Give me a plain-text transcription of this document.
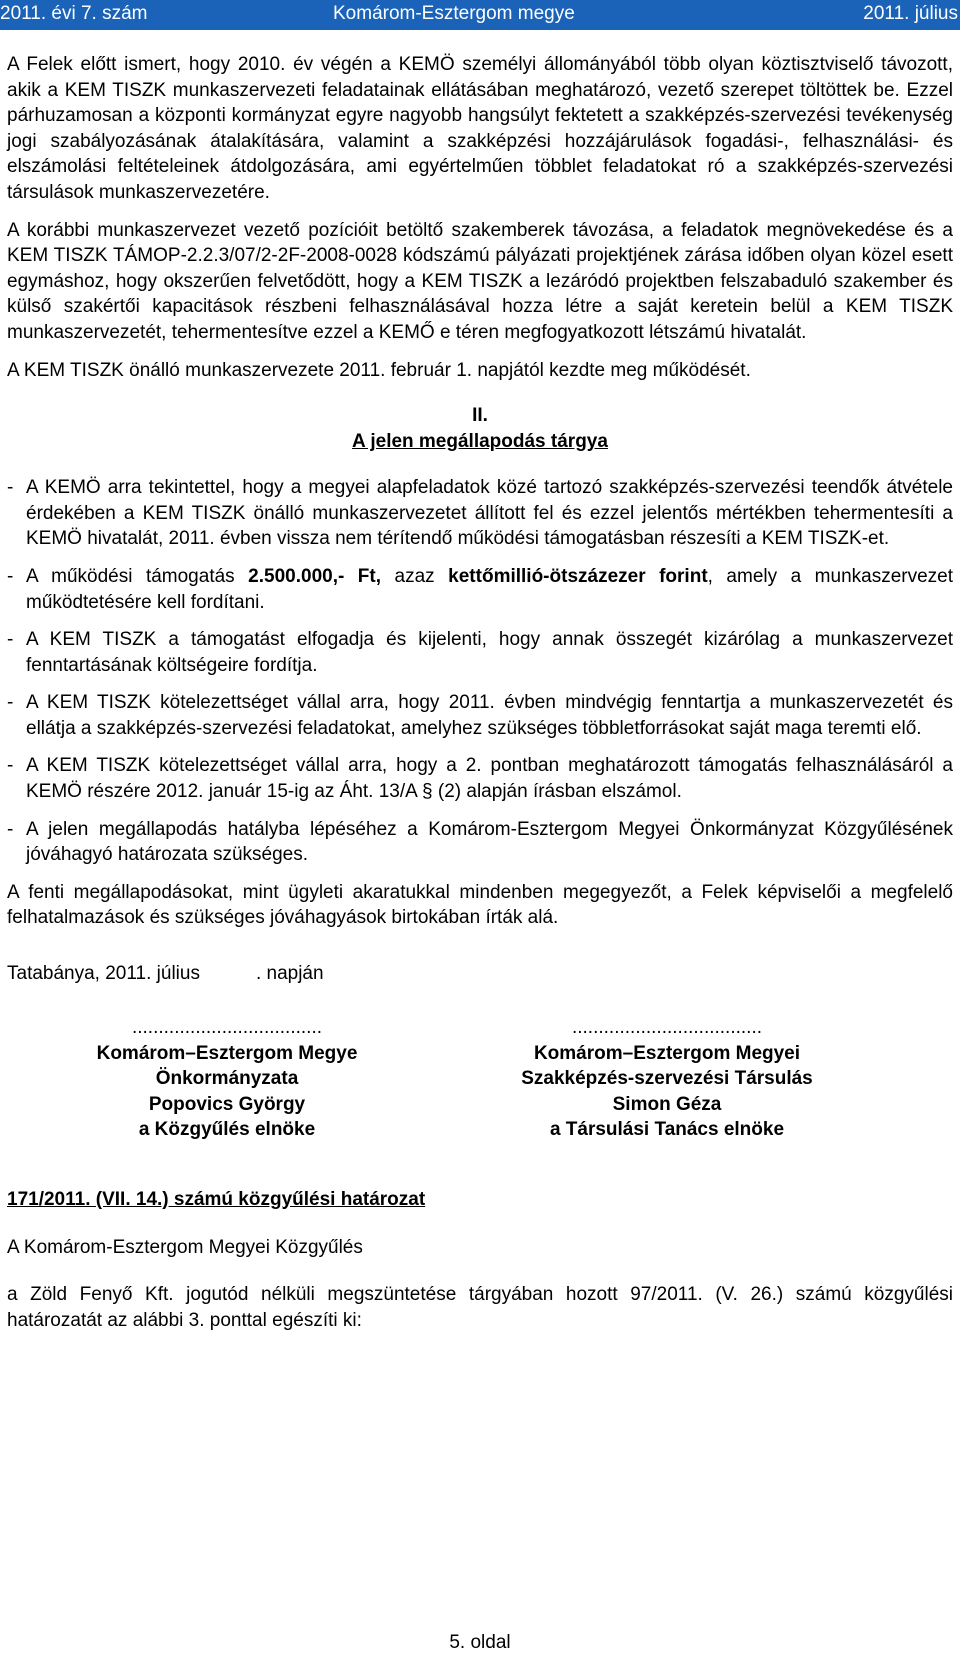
2011. évi 7. szám	Komárom-Esztergom megye	2011. július

A Felek előtt ismert, hogy 2010. év végén a KEMÖ személyi állományából több olyan köztisztviselő távozott, akik a KEM TISZK munkaszervezeti feladatainak ellátásában meghatározó, vezető szerepet töltöttek be. Ezzel párhuzamosan a központi kormányzat egyre nagyobb hangsúlyt fektetett a szakképzés-szervezési tevékenység jogi szabályozásának átalakítására, valamint a szakképzési hozzájárulások fogadási-, felhasználási- és elszámolási feltételeinek átdolgozására, ami egyértelműen többlet feladatokat ró a szakképzés-szervezési társulások munkaszervezetére.

A korábbi munkaszervezet vezető pozícióit betöltő szakemberek távozása, a feladatok megnövekedése és a KEM TISZK TÁMOP-2.2.3/07/2-2F-2008-0028 kódszámú pályázati projektjének zárása időben olyan közel esett egymáshoz, hogy okszerűen felvetődött, hogy a KEM TISZK a lezáródó projektben felszabaduló szakember és külső szakértői kapacitások részbeni felhasználásával hozza létre a saját keretein belül a KEM TISZK munkaszervezetét, tehermentesítve ezzel a KEMŐ e téren megfogyatkozott létszámú hivatalát.

A KEM TISZK önálló munkaszervezete 2011. február 1. napjától kezdte meg működését.

II.
A jelen megállapodás tárgya
- A KEMÖ arra tekintettel, hogy a megyei alapfeladatok közé tartozó szakképzés-szervezési teendők átvétele érdekében a KEM TISZK önálló munkaszervezetet állított fel és ezzel jelentős mértékben tehermentesíti a KEMÖ hivatalát, 2011. évben vissza nem térítendő működési támogatásban részesíti a KEM TISZK-et.
- A működési támogatás 2.500.000,- Ft, azaz kettőmillió-ötszázezer forint, amely a munkaszervezet működtetésére kell fordítani.
- A KEM TISZK a támogatást elfogadja és kijelenti, hogy annak összegét kizárólag a munkaszervezet fenntartásának költségeire fordítja.
- A KEM TISZK kötelezettséget vállal arra, hogy 2011. évben mindvégig fenntartja a munkaszervezetét és ellátja a szakképzés-szervezési feladatokat, amelyhez szükséges többletforrásokat saját maga teremti elő.
- A KEM TISZK kötelezettséget vállal arra, hogy a 2. pontban meghatározott támogatás felhasználásáról a KEMÖ részére 2012. január 15-ig az Áht. 13/A § (2) alapján írásban elszámol.
- A jelen megállapodás hatályba lépéséhez a Komárom-Esztergom Megyei Önkormányzat Közgyűlésének jóváhagyó határozata szükséges.

A fenti megállapodásokat, mint ügyleti akaratukkal mindenben megegyezőt, a Felek képviselői a megfelelő felhatalmazások és szükséges jóváhagyások birtokában írták alá.

Tatabánya, 2011. július	. napján
....................................
Komárom–Esztergom Megye
Önkormányzata
Popovics György
a Közgyűlés elnöke
....................................
Komárom–Esztergom Megyei
Szakképzés-szervezési Társulás
Simon Géza
a Társulási Tanács elnöke
171/2011. (VII. 14.) számú közgyűlési határozat

A Komárom-Esztergom Megyei Közgyűlés

a Zöld Fenyő Kft. jogutód nélküli megszüntetése tárgyában hozott 97/2011. (V. 26.) számú közgyűlési határozatát az alábbi 3. ponttal egészíti ki:

5. oldal
